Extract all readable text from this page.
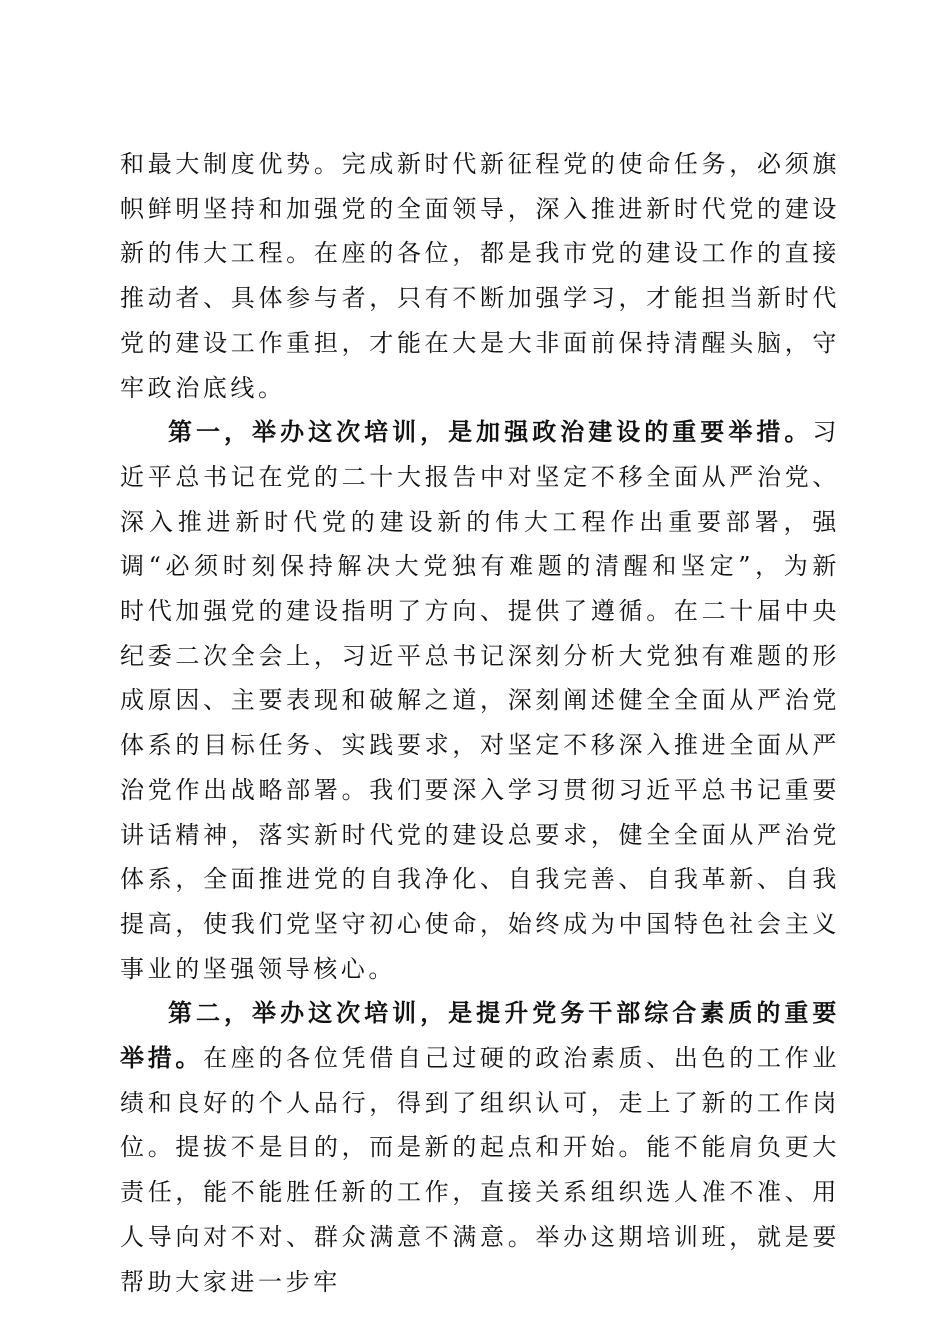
和最大制度优势。完成新时代新征程党的使命任务，必须旗帜鲜明坚持和加强党的全面领导，深入推进新时代党的建设新的伟大工程。在座的各位，都是我市党的建设工作的直接推动者、具体参与者，只有不断加强学习，才能担当新时代党的建设工作重担，才能在大是大非面前保持清醒头脑，守牢政治底线。

第一，举办这次培训，是加强政治建设的重要举措。习近平总书记在党的二十大报告中对坚定不移全面从严治党、深入推进新时代党的建设新的伟大工程作出重要部署，强调“必须时刻保持解决大党独有难题的清醒和坚定”，为新时代加强党的建设指明了方向、提供了遵循。在二十届中央纪委二次全会上，习近平总书记深刻分析大党独有难题的形成原因、主要表现和破解之道，深刻阐述健全全面从严治党体系的目标任务、实践要求，对坚定不移深入推进全面从严治党作出战略部署。我们要深入学习贯彻习近平总书记重要讲话精神，落实新时代党的建设总要求，健全全面从严治党体系，全面推进党的自我净化、自我完善、自我革新、自我提高，使我们党坚守初心使命，始终成为中国特色社会主义事业的坚强领导核心。

第二，举办这次培训，是提升党务干部综合素质的重要举措。在座的各位凭借自己过硬的政治素质、出色的工作业绩和良好的个人品行，得到了组织认可，走上了新的工作岗位。提拔不是目的，而是新的起点和开始。能不能肩负更大责任，能不能胜任新的工作，直接关系组织选人准不准、用人导向对不对、群众满意不满意。举办这期培训班，就是要帮助大家进一步牢
